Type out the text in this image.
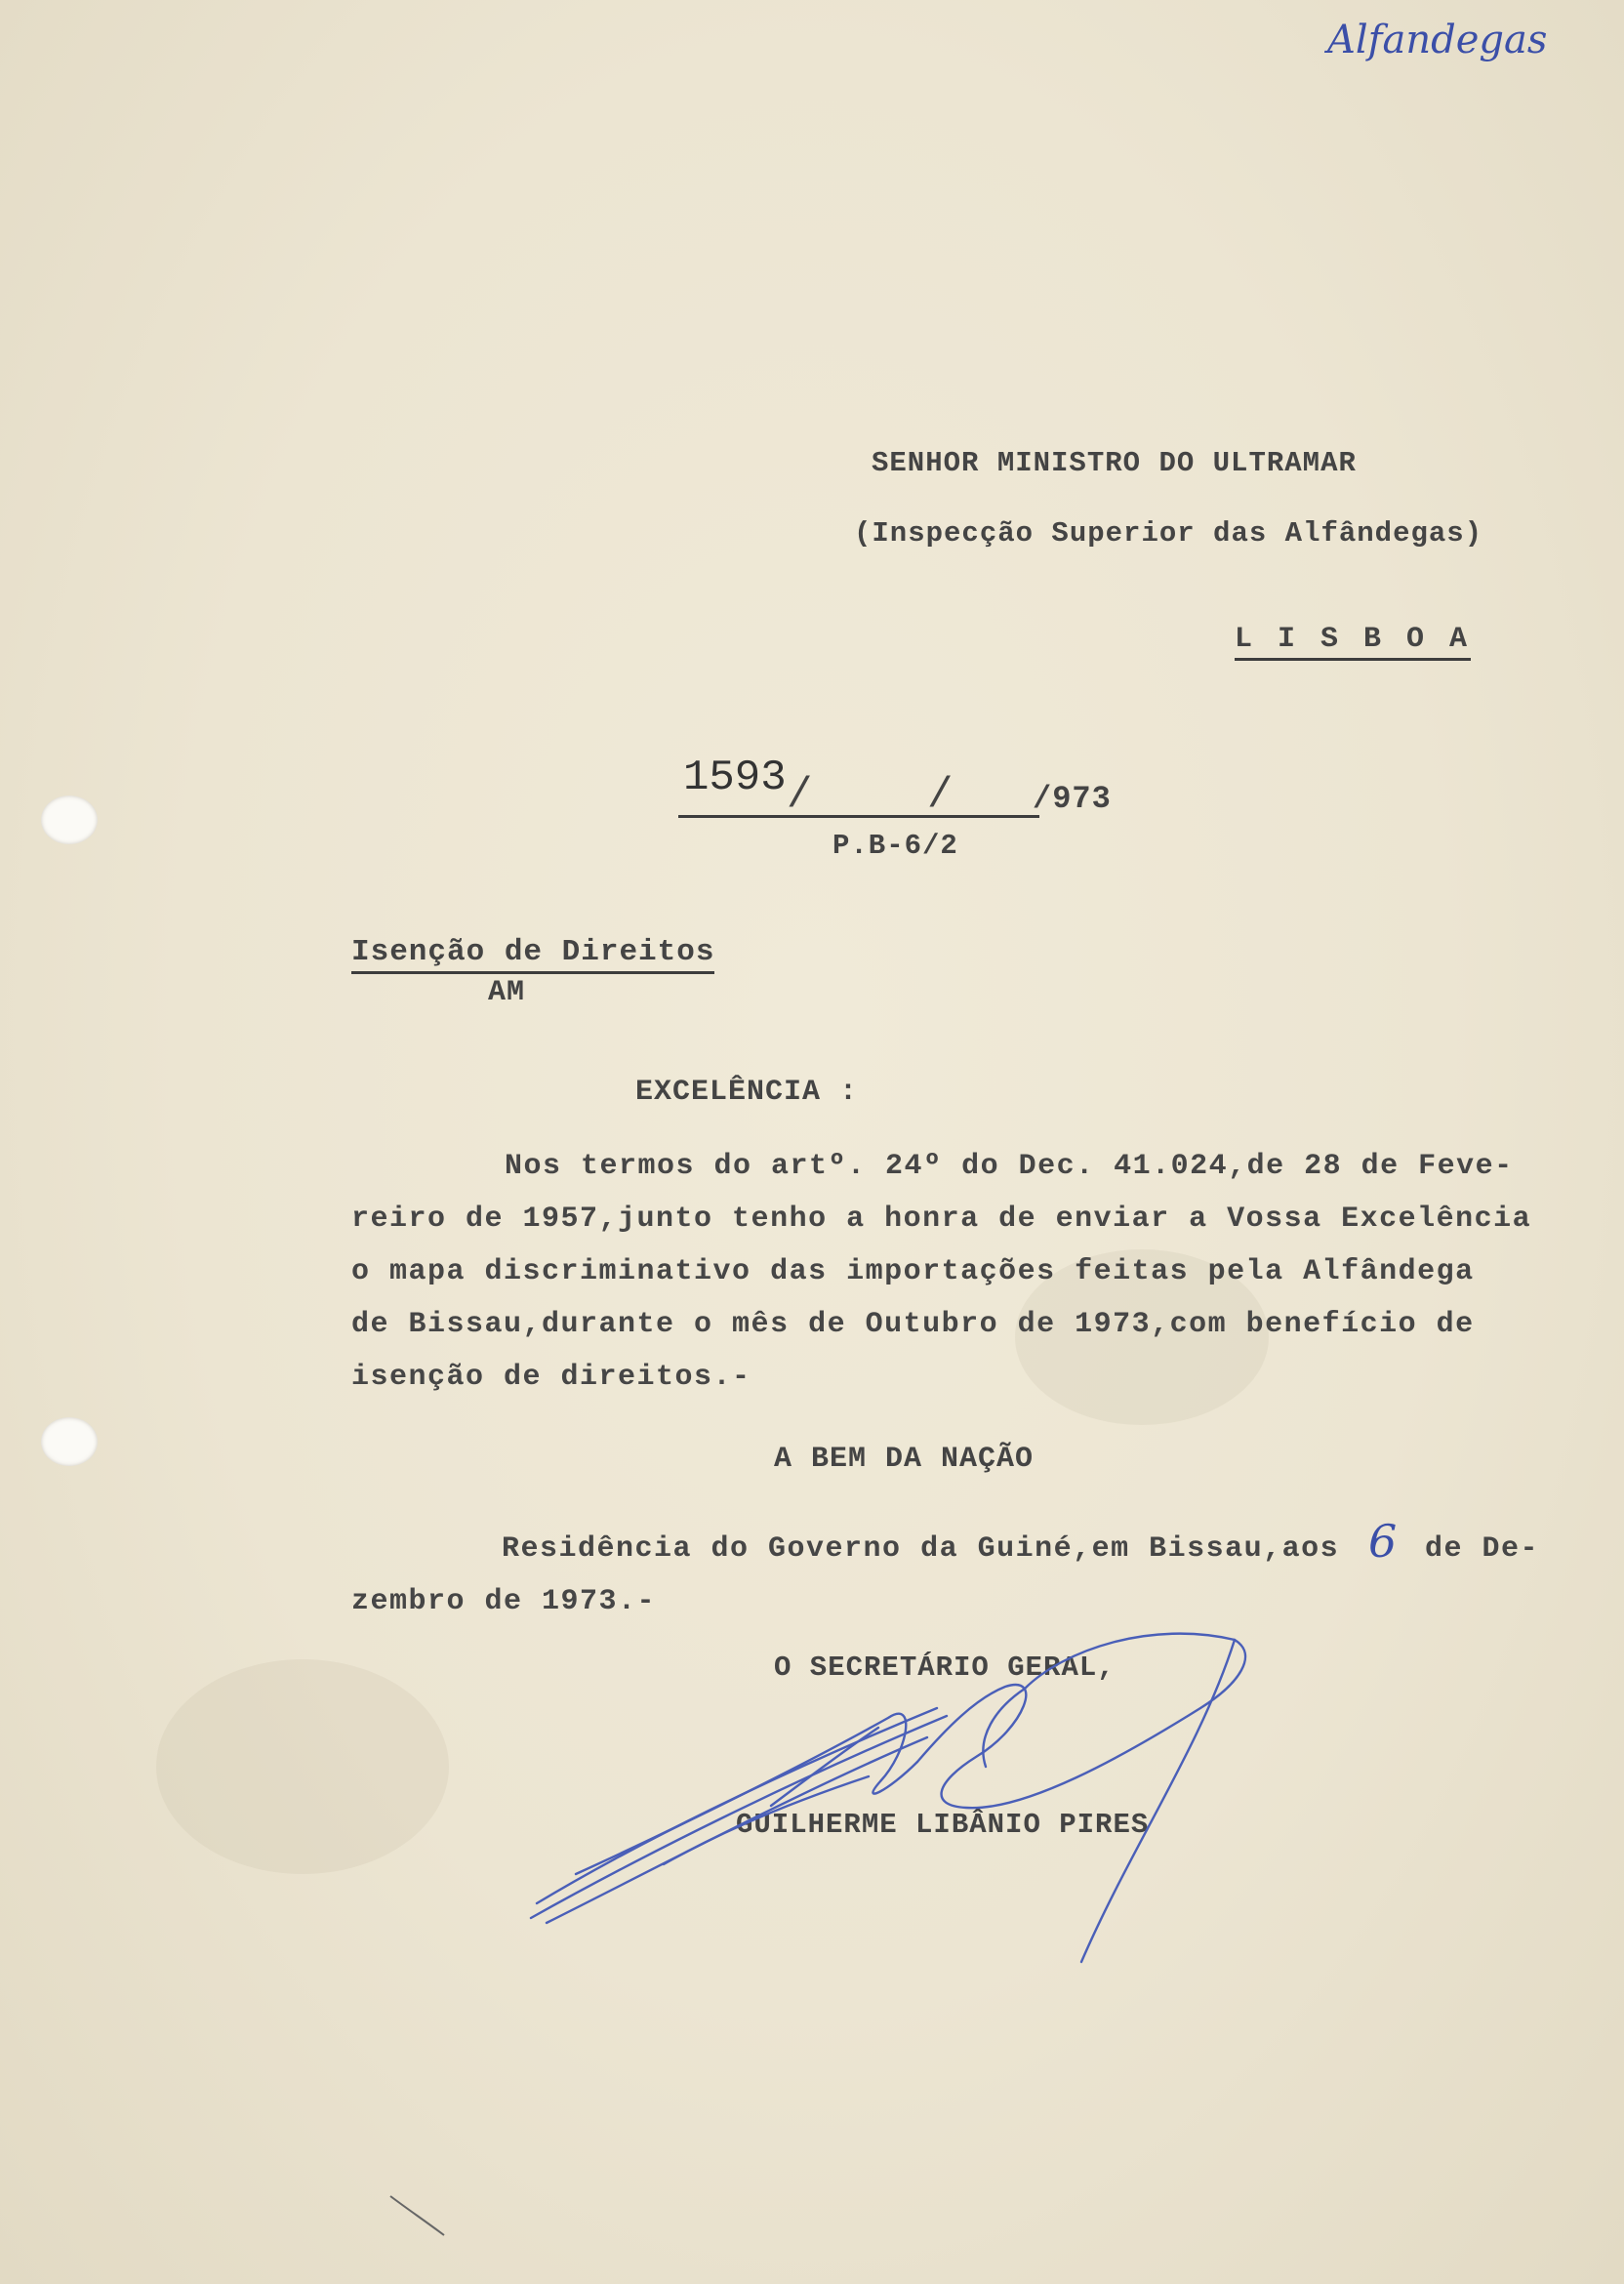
Alfandegas
SENHOR MINISTRO DO ULTRAMAR
(Inspecção Superior das Alfândegas)
L I S B O A
1593 /	/	/973
P.B-6/2
Isenção de Direitos
AM
EXCELÊNCIA :
Nos termos do artº. 24º do Dec. 41.024,de 28 de Feve-
reiro de 1957,junto tenho a honra de enviar a Vossa Excelência
o mapa discriminativo das importações feitas pela Alfândega
de Bissau,durante o mês de Outubro de 1973,com benefício de
isenção de direitos.-
A BEM DA NAÇÃO
Residência do Governo da Guiné,em Bissau,aos 6 de De-
zembro de 1973.-
O SECRETÁRIO GERAL,
GUILHERME LIBÂNIO PIRES
